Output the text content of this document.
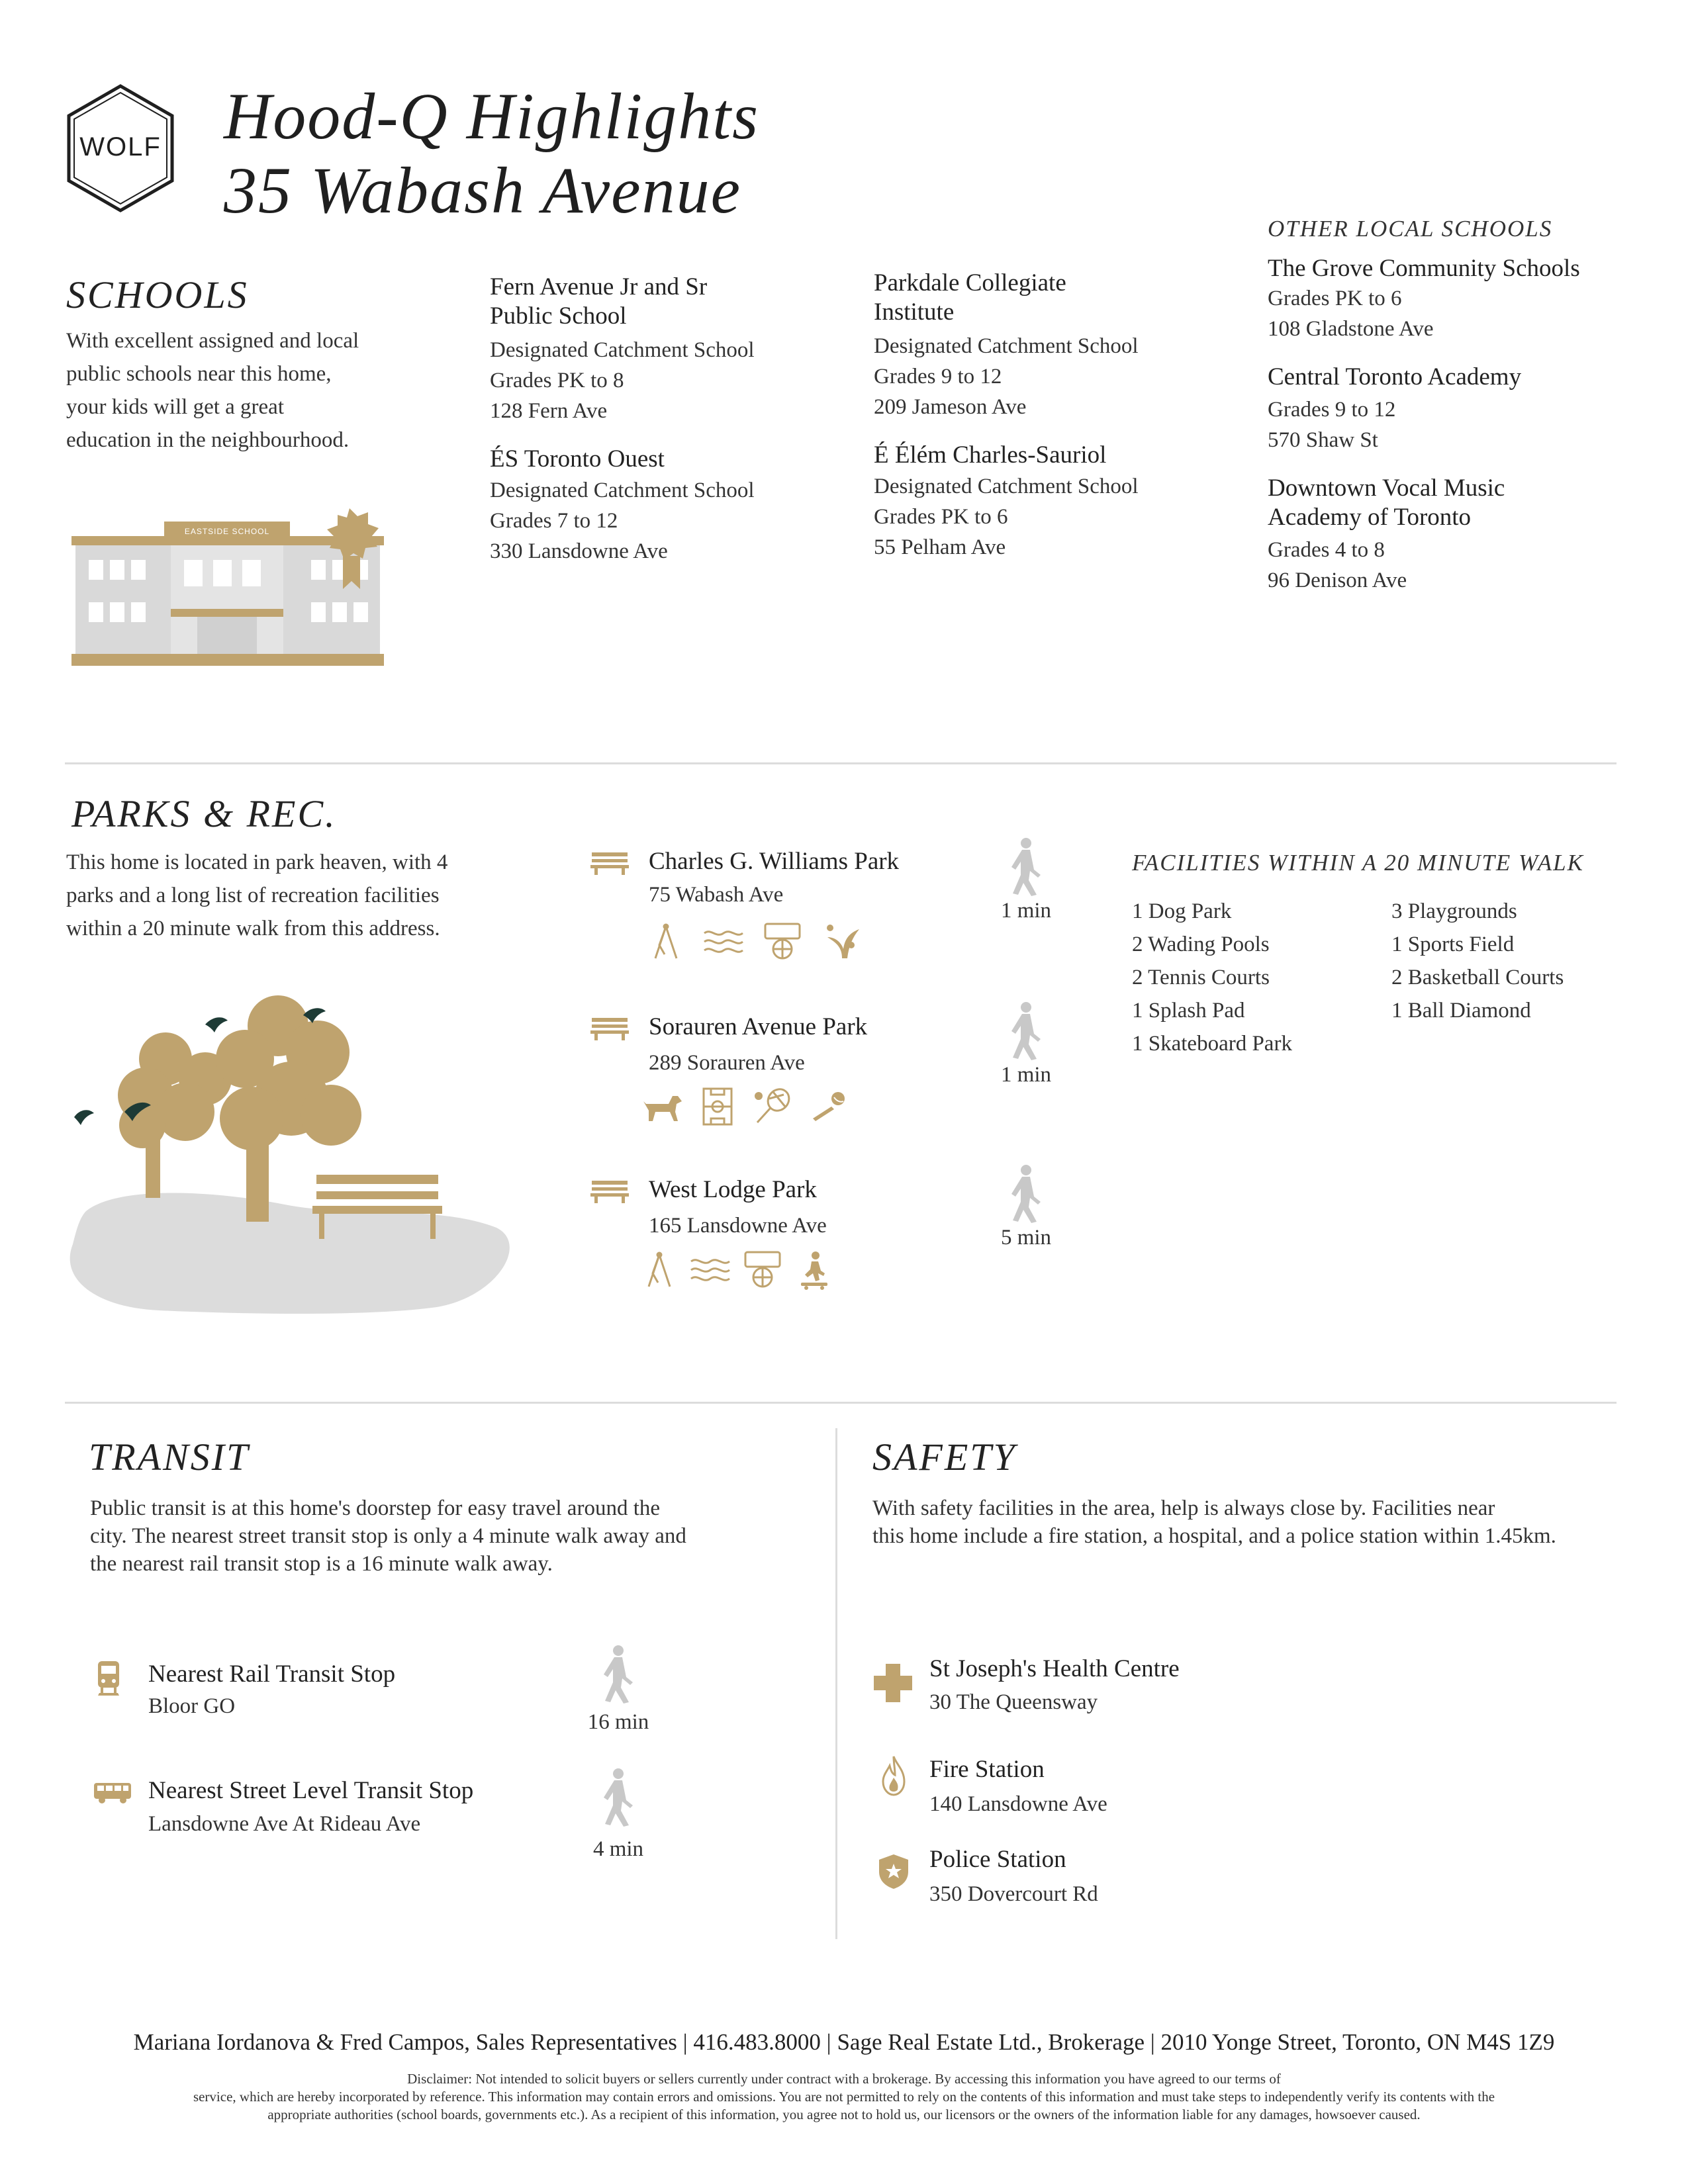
WOLF Hood-Q Highlights
35 Wabash Avenue
SCHOOLS
With excellent assigned and local
public schools near this home,
your kids will get a great
education in the neighbourhood.
EASTSIDE SCHOOL
Fern Avenue Jr and Sr
Public School
Designated Catchment School
Grades PK to 8
128 Fern Ave
ÉS Toronto Ouest
Designated Catchment School
Grades 7 to 12
330 Lansdowne Ave
Parkdale Collegiate
Institute
Designated Catchment School
Grades 9 to 12
209 Jameson Ave
É Élém Charles-Sauriol
Designated Catchment School
Grades PK to 6
55 Pelham Ave
OTHER LOCAL SCHOOLS
The Grove Community Schools
Grades PK to 6
108 Gladstone Ave
Central Toronto Academy
Grades 9 to 12
570 Shaw St
Downtown Vocal Music
Academy of Toronto
Grades 4 to 8
96 Denison Ave
PARKS & REC.
This home is located in park heaven, with 4
parks and a long list of recreation facilities
within a 20 minute walk from this address.
Charles G. Williams Park
75 Wabash Ave
1 min
Sorauren Avenue Park
289 Sorauren Ave	1 min
West Lodge Park
165 Lansdowne Ave	5 min
FACILITIES WITHIN A 20 MINUTE WALK
1 Dog Park
2 Wading Pools
2 Tennis Courts
1 Splash Pad
1 Skateboard Park
3 Playgrounds
1 Sports Field
2 Basketball Courts
1 Ball Diamond
TRANSIT
Public transit is at this home's doorstep for easy travel around the
city. The nearest street transit stop is only a 4 minute walk away and
the nearest rail transit stop is a 16 minute walk away.
Nearest Rail Transit Stop
Bloor GO
16 min
Nearest Street Level Transit Stop
Lansdowne Ave At Rideau Ave
4 min
SAFETY
With safety facilities in the area, help is always close by. Facilities near
this home include a fire station, a hospital, and a police station within 1.45km.
St Joseph's Health Centre
30 The Queensway
Fire Station
140 Lansdowne Ave
Police Station
350 Dovercourt Rd
Mariana Iordanova & Fred Campos, Sales Representatives | 416.483.8000 | Sage Real Estate Ltd., Brokerage | 2010 Yonge Street, Toronto, ON M4S 1Z9
Disclaimer: Not intended to solicit buyers or sellers currently under contract with a brokerage. By accessing this information you have agreed to our terms of
service, which are hereby incorporated by reference. This information may contain errors and omissions. You are not permitted to rely on the contents of this information and must take steps to independently verify its contents with the
appropriate authorities (school boards, governments etc.). As a recipient of this information, you agree not to hold us, our licensors or the owners of the information liable for any damages, howsoever caused.
